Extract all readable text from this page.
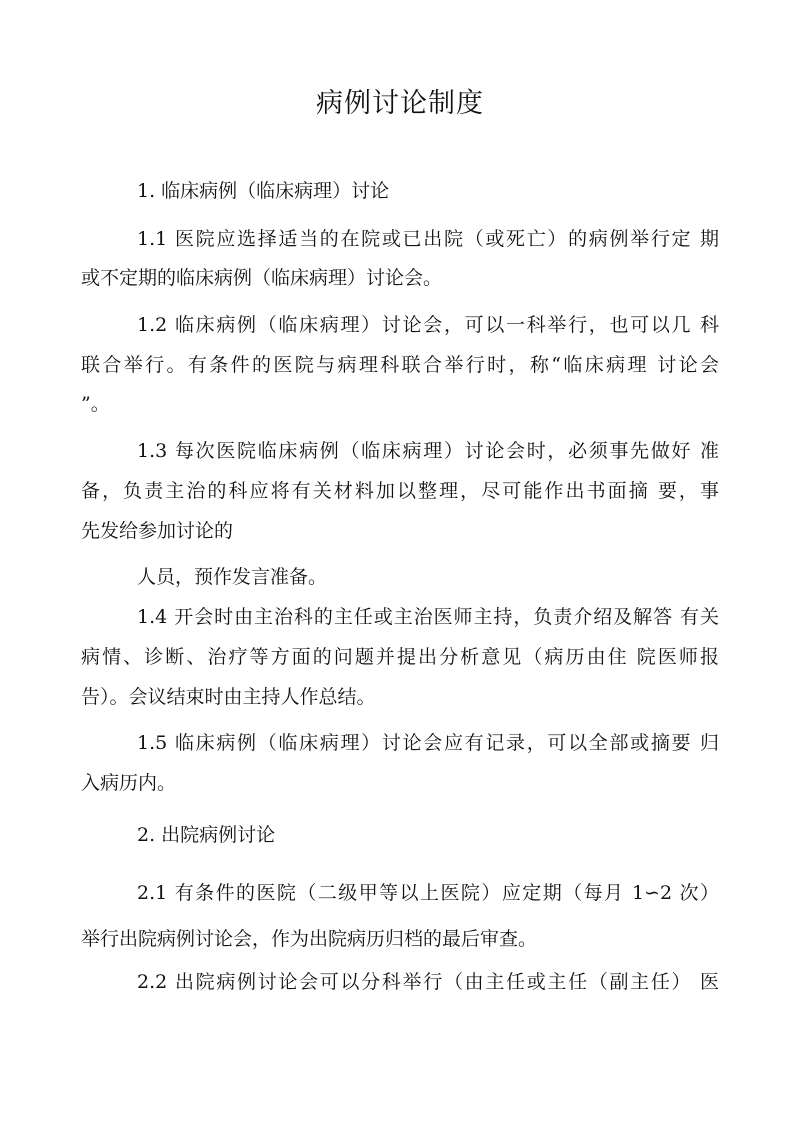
病例讨论制度
1. 临床病例（临床病理）讨论
1.1 医院应选择适当的在院或已出院（或死亡）的病例举行定 期
或不定期的临床病例（临床病理）讨论会。
1.2 临床病例（临床病理）讨论会，可以一科举行，也可以几 科
联合举行。有条件的医院与病理科联合举行时，称“临床病理 讨论会
”。
1.3 每次医院临床病例（临床病理）讨论会时，必须事先做好 准
备，负责主治的科应将有关材料加以整理，尽可能作出书面摘 要，事
先发给参加讨论的
人员，预作发言准备。
1.4 开会时由主治科的主任或主治医师主持，负责介绍及解答 有关
病情、诊断、治疗等方面的问题并提出分析意见（病历由住 院医师报
告）。会议结束时由主持人作总结。
1.5 临床病例（临床病理）讨论会应有记录，可以全部或摘要 归
入病历内。
2. 出院病例讨论
2.1 有条件的医院（二级甲等以上医院）应定期（每月 1∽2 次）
举行出院病例讨论会，作为出院病历归档的最后审查。
2.2 出院病例讨论会可以分科举行（由主任或主任（副主任） 医
